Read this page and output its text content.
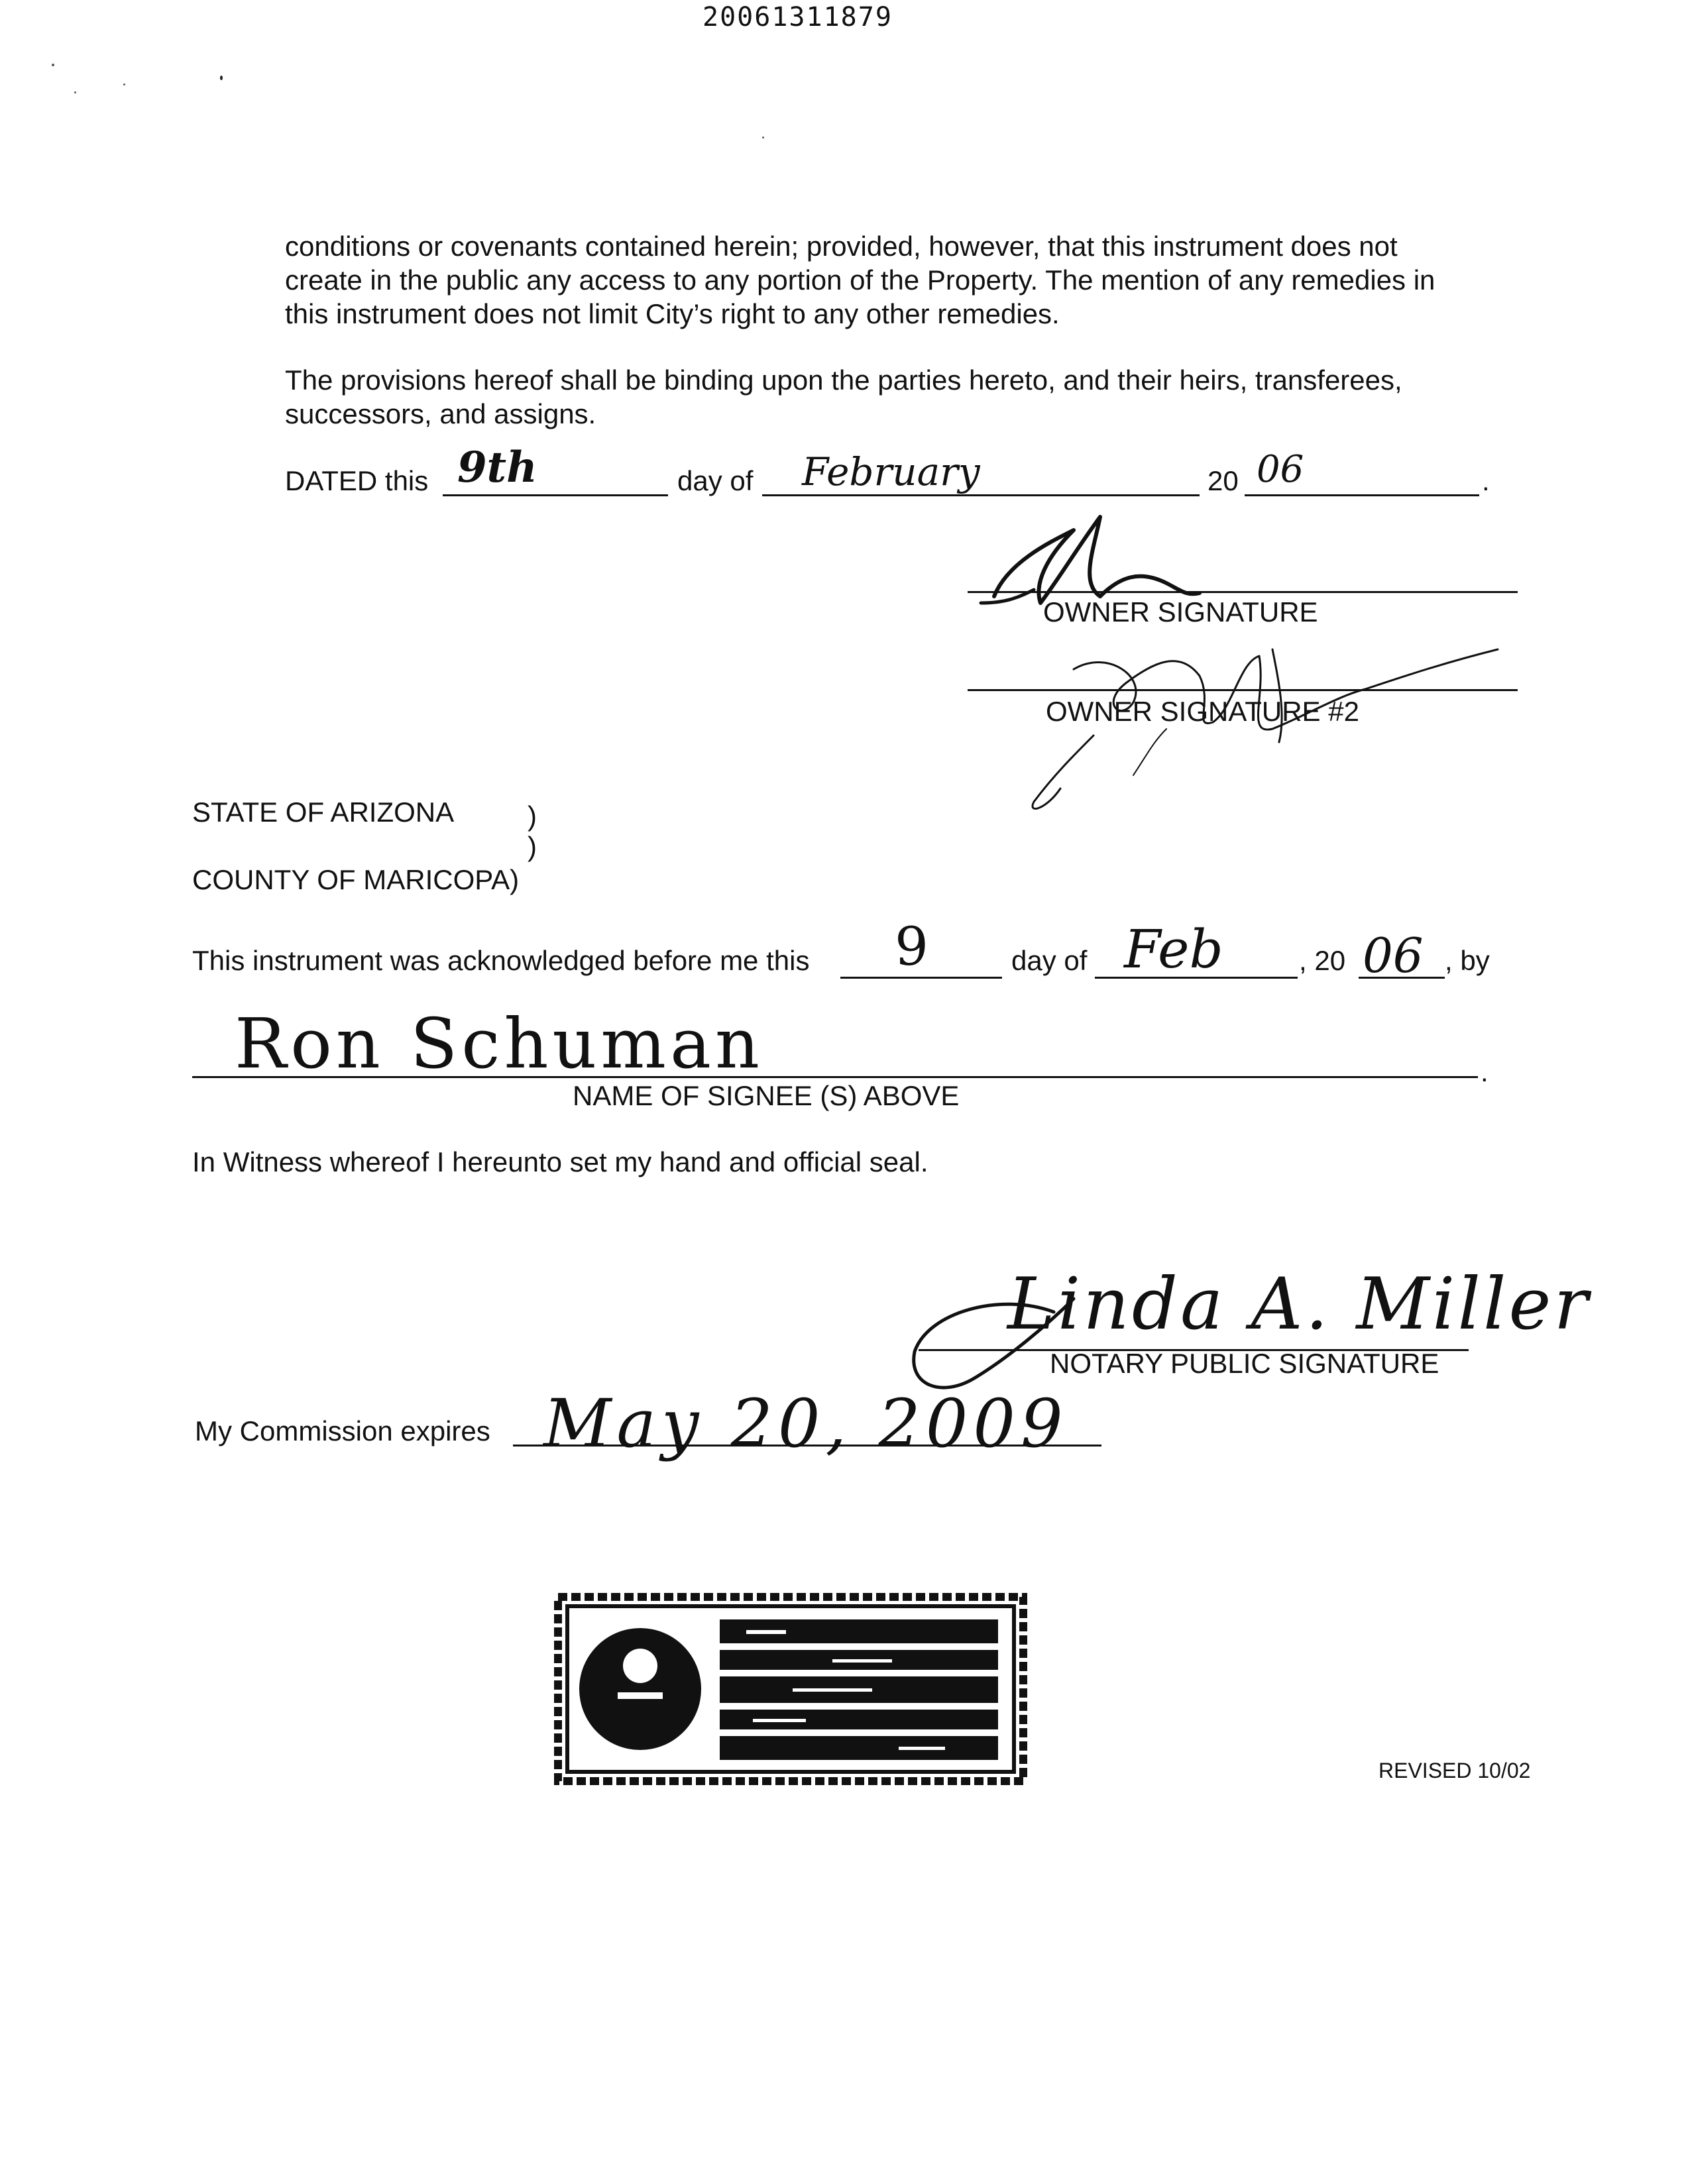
20061311879
conditions or covenants contained herein; provided, however, that this instrument does not
create in the public any access to any portion of the Property. The mention of any remedies in
this instrument does not limit City’s right to any other remedies.
The provisions hereof shall be binding upon the parties hereto, and their heirs, transferees,
successors, and assigns.
DATED this 9th	day of February	20 06	.
OWNER SIGNATURE
OWNER SIGNATURE #2
STATE OF ARIZONA	)
)
COUNTY OF MARICOPA)
This instrument was acknowledged before me this 9	day of Feb	, 20 06 , by
Ron Schuman	.
NAME OF SIGNEE (S) ABOVE
In Witness whereof I hereunto set my hand and official seal.
Linda A. Miller
NOTARY PUBLIC SIGNATURE
My Commission expires May 20, 2009
REVISED 10/02
